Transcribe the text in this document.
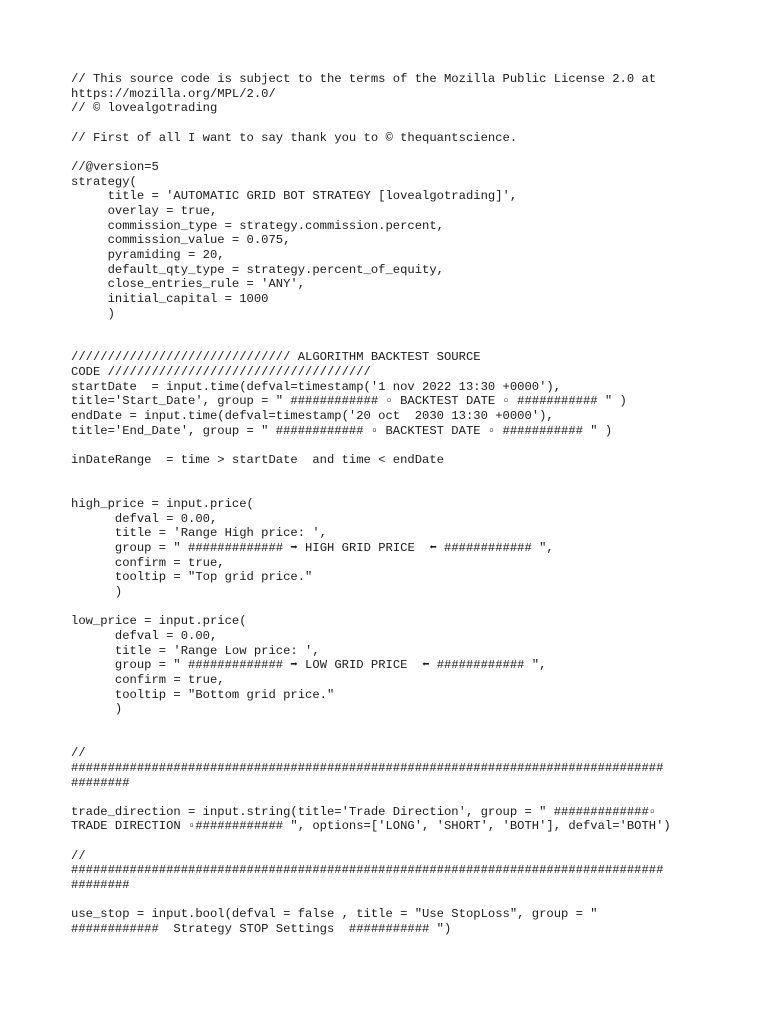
// This source code is subject to the terms of the Mozilla Public License 2.0 at
https://mozilla.org/MPL/2.0/
// © lovealgotrading
// First of all I want to say thank you to © thequantscience.
//@version=5
strategy(
title = 'AUTOMATIC GRID BOT STRATEGY [lovealgotrading]',
overlay = true,
commission_type = strategy.commission.percent,
commission_value = 0.075,
pyramiding = 20,
default_qty_type = strategy.percent_of_equity,
close_entries_rule = 'ANY',
initial_capital = 1000
)
////////////////////////////// ALGORITHM BACKTEST SOURCE
CODE ////////////////////////////////////
startDate  = input.time(defval=timestamp('1 nov 2022 13:30 +0000'),
title='Start_Date', group = " ############ ▫ BACKTEST DATE ▫ ########### " )
endDate = input.time(defval=timestamp('20 oct  2030 13:30 +0000'),
title='End_Date', group = " ############ ▫ BACKTEST DATE ▫ ########### " )
inDateRange  = time > startDate  and time < endDate
high_price = input.price(
defval = 0.00,
title = 'Range High price: ',
group = " ############# ➡ HIGH GRID PRICE  ⬅ ############ ",
confirm = true,
tooltip = "Top grid price."
)
low_price = input.price(
defval = 0.00,
title = 'Range Low price: ',
group = " ############# ➡ LOW GRID PRICE  ⬅ ############ ",
confirm = true,
tooltip = "Bottom grid price."
)
//
#################################################################################
########
trade_direction = input.string(title='Trade Direction', group = " #############▫
TRADE DIRECTION ▫############ ", options=['LONG', 'SHORT', 'BOTH'], defval='BOTH')
//
#################################################################################
########
use_stop = input.bool(defval = false , title = "Use StopLoss", group = "
############  Strategy STOP Settings  ########### ")
